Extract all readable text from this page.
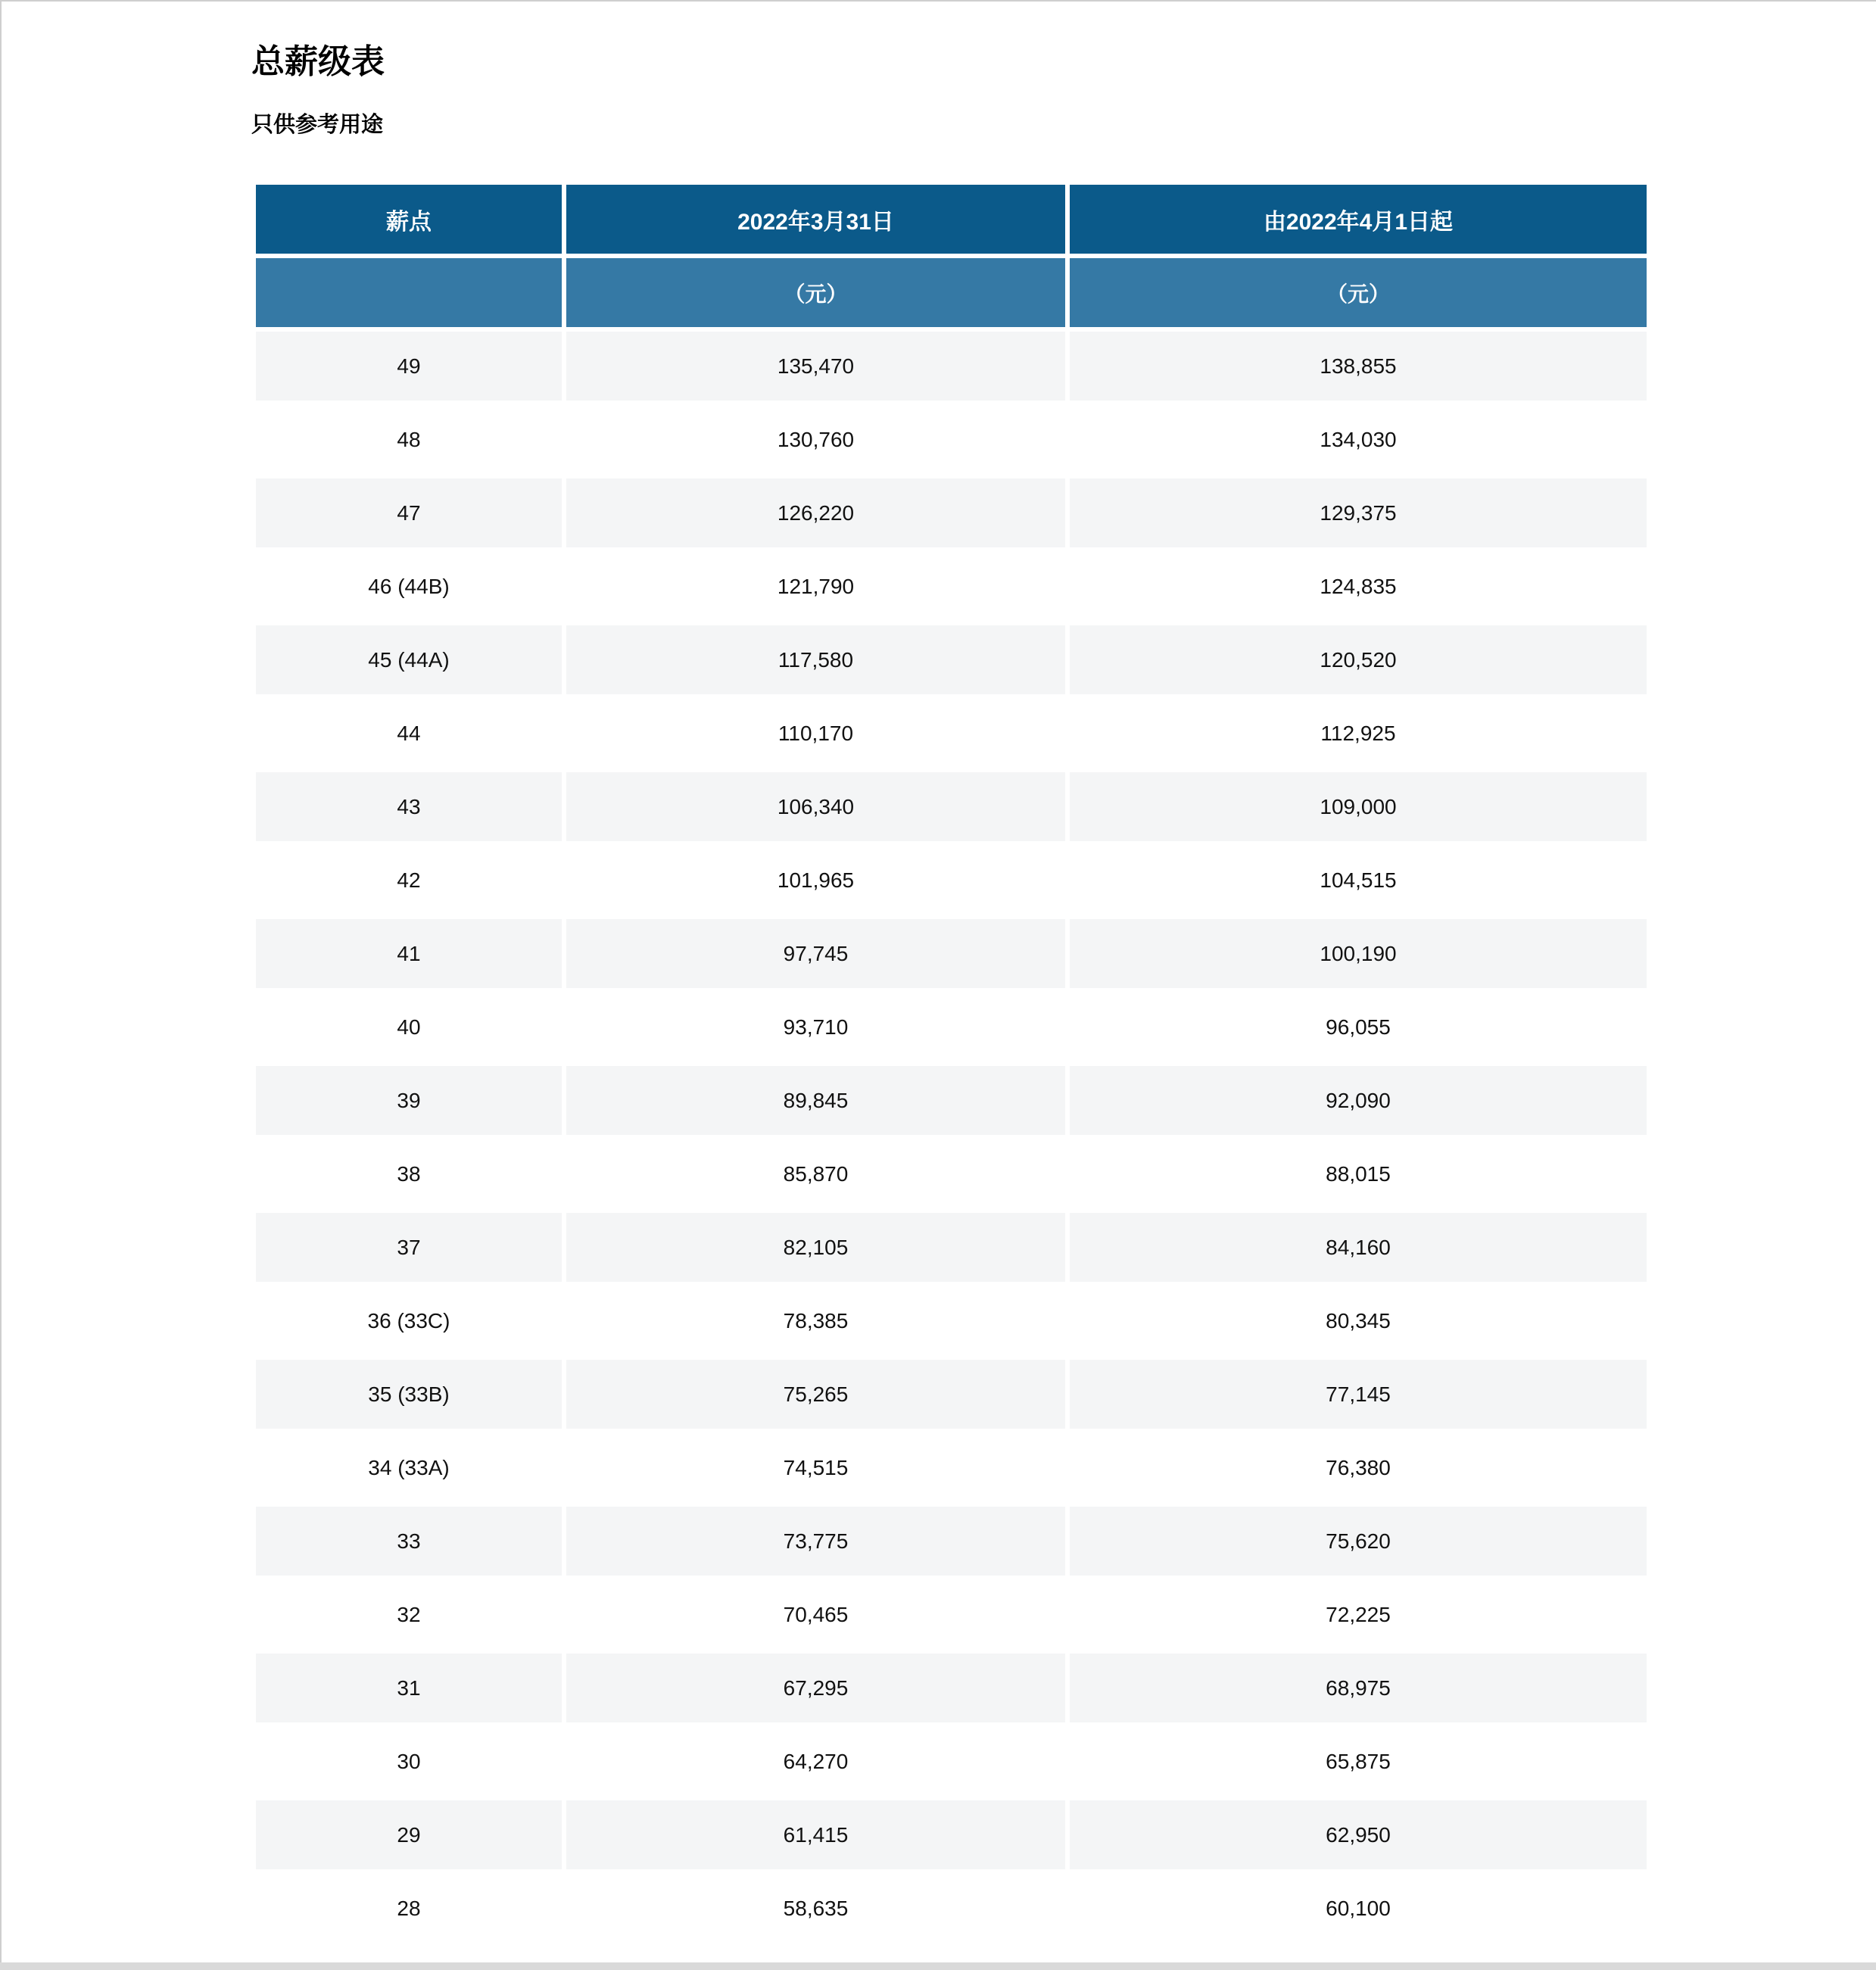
总薪级表
只供参考用途
薪点	2022年3月31日	由2022年4月1日起
	（元）	（元）
49	135,470	138,855
48	130,760	134,030
47	126,220	129,375
46 (44B)	121,790	124,835
45 (44A)	117,580	120,520
44	110,170	112,925
43	106,340	109,000
42	101,965	104,515
41	97,745	100,190
40	93,710	96,055
39	89,845	92,090
38	85,870	88,015
37	82,105	84,160
36 (33C)	78,385	80,345
35 (33B)	75,265	77,145
34 (33A)	74,515	76,380
33	73,775	75,620
32	70,465	72,225
31	67,295	68,975
30	64,270	65,875
29	61,415	62,950
28	58,635	60,100
